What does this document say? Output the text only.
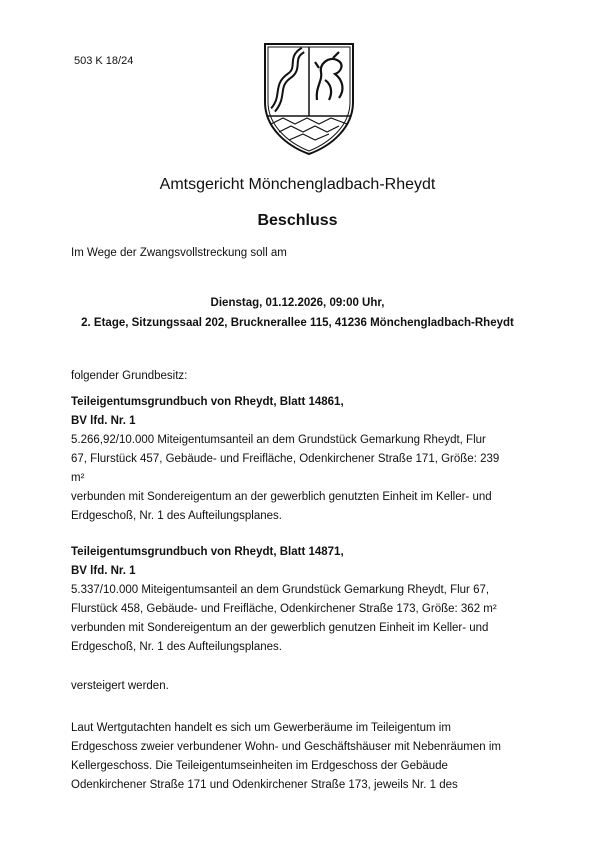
503 K 18/24
Amtsgericht Mönchengladbach-Rheydt
Beschluss
Im Wege der Zwangsvollstreckung soll am
Dienstag, 01.12.2026, 09:00 Uhr,
2. Etage, Sitzungssaal 202, Brucknerallee 115, 41236 Mönchengladbach-Rheydt
folgender Grundbesitz:
Teileigentumsgrundbuch von Rheydt, Blatt 14861,
BV lfd. Nr. 1
5.266,92/10.000 Miteigentumsanteil an dem Grundstück Gemarkung Rheydt, Flur
67, Flurstück 457, Gebäude- und Freifläche, Odenkirchener Straße 171, Größe: 239
m²
verbunden mit Sondereigentum an der gewerblich genutzten Einheit im Keller- und
Erdgeschoß, Nr. 1 des Aufteilungsplanes.
Teileigentumsgrundbuch von Rheydt, Blatt 14871,
BV lfd. Nr. 1
5.337/10.000 Miteigentumsanteil an dem Grundstück Gemarkung Rheydt, Flur 67,
Flurstück 458, Gebäude- und Freifläche, Odenkirchener Straße 173, Größe: 362 m²
verbunden mit Sondereigentum an der gewerblich genutzen Einheit im Keller- und
Erdgeschoß, Nr. 1 des Aufteilungsplanes.
versteigert werden.
Laut Wertgutachten handelt es sich um Gewerberäume im Teileigentum im
Erdgeschoss zweier verbundener Wohn- und Geschäftshäuser mit Nebenräumen im
Kellergeschoss. Die Teileigentumseinheiten im Erdgeschoss der Gebäude
Odenkirchener Straße 171 und Odenkirchener Straße 173, jeweils Nr. 1 des
